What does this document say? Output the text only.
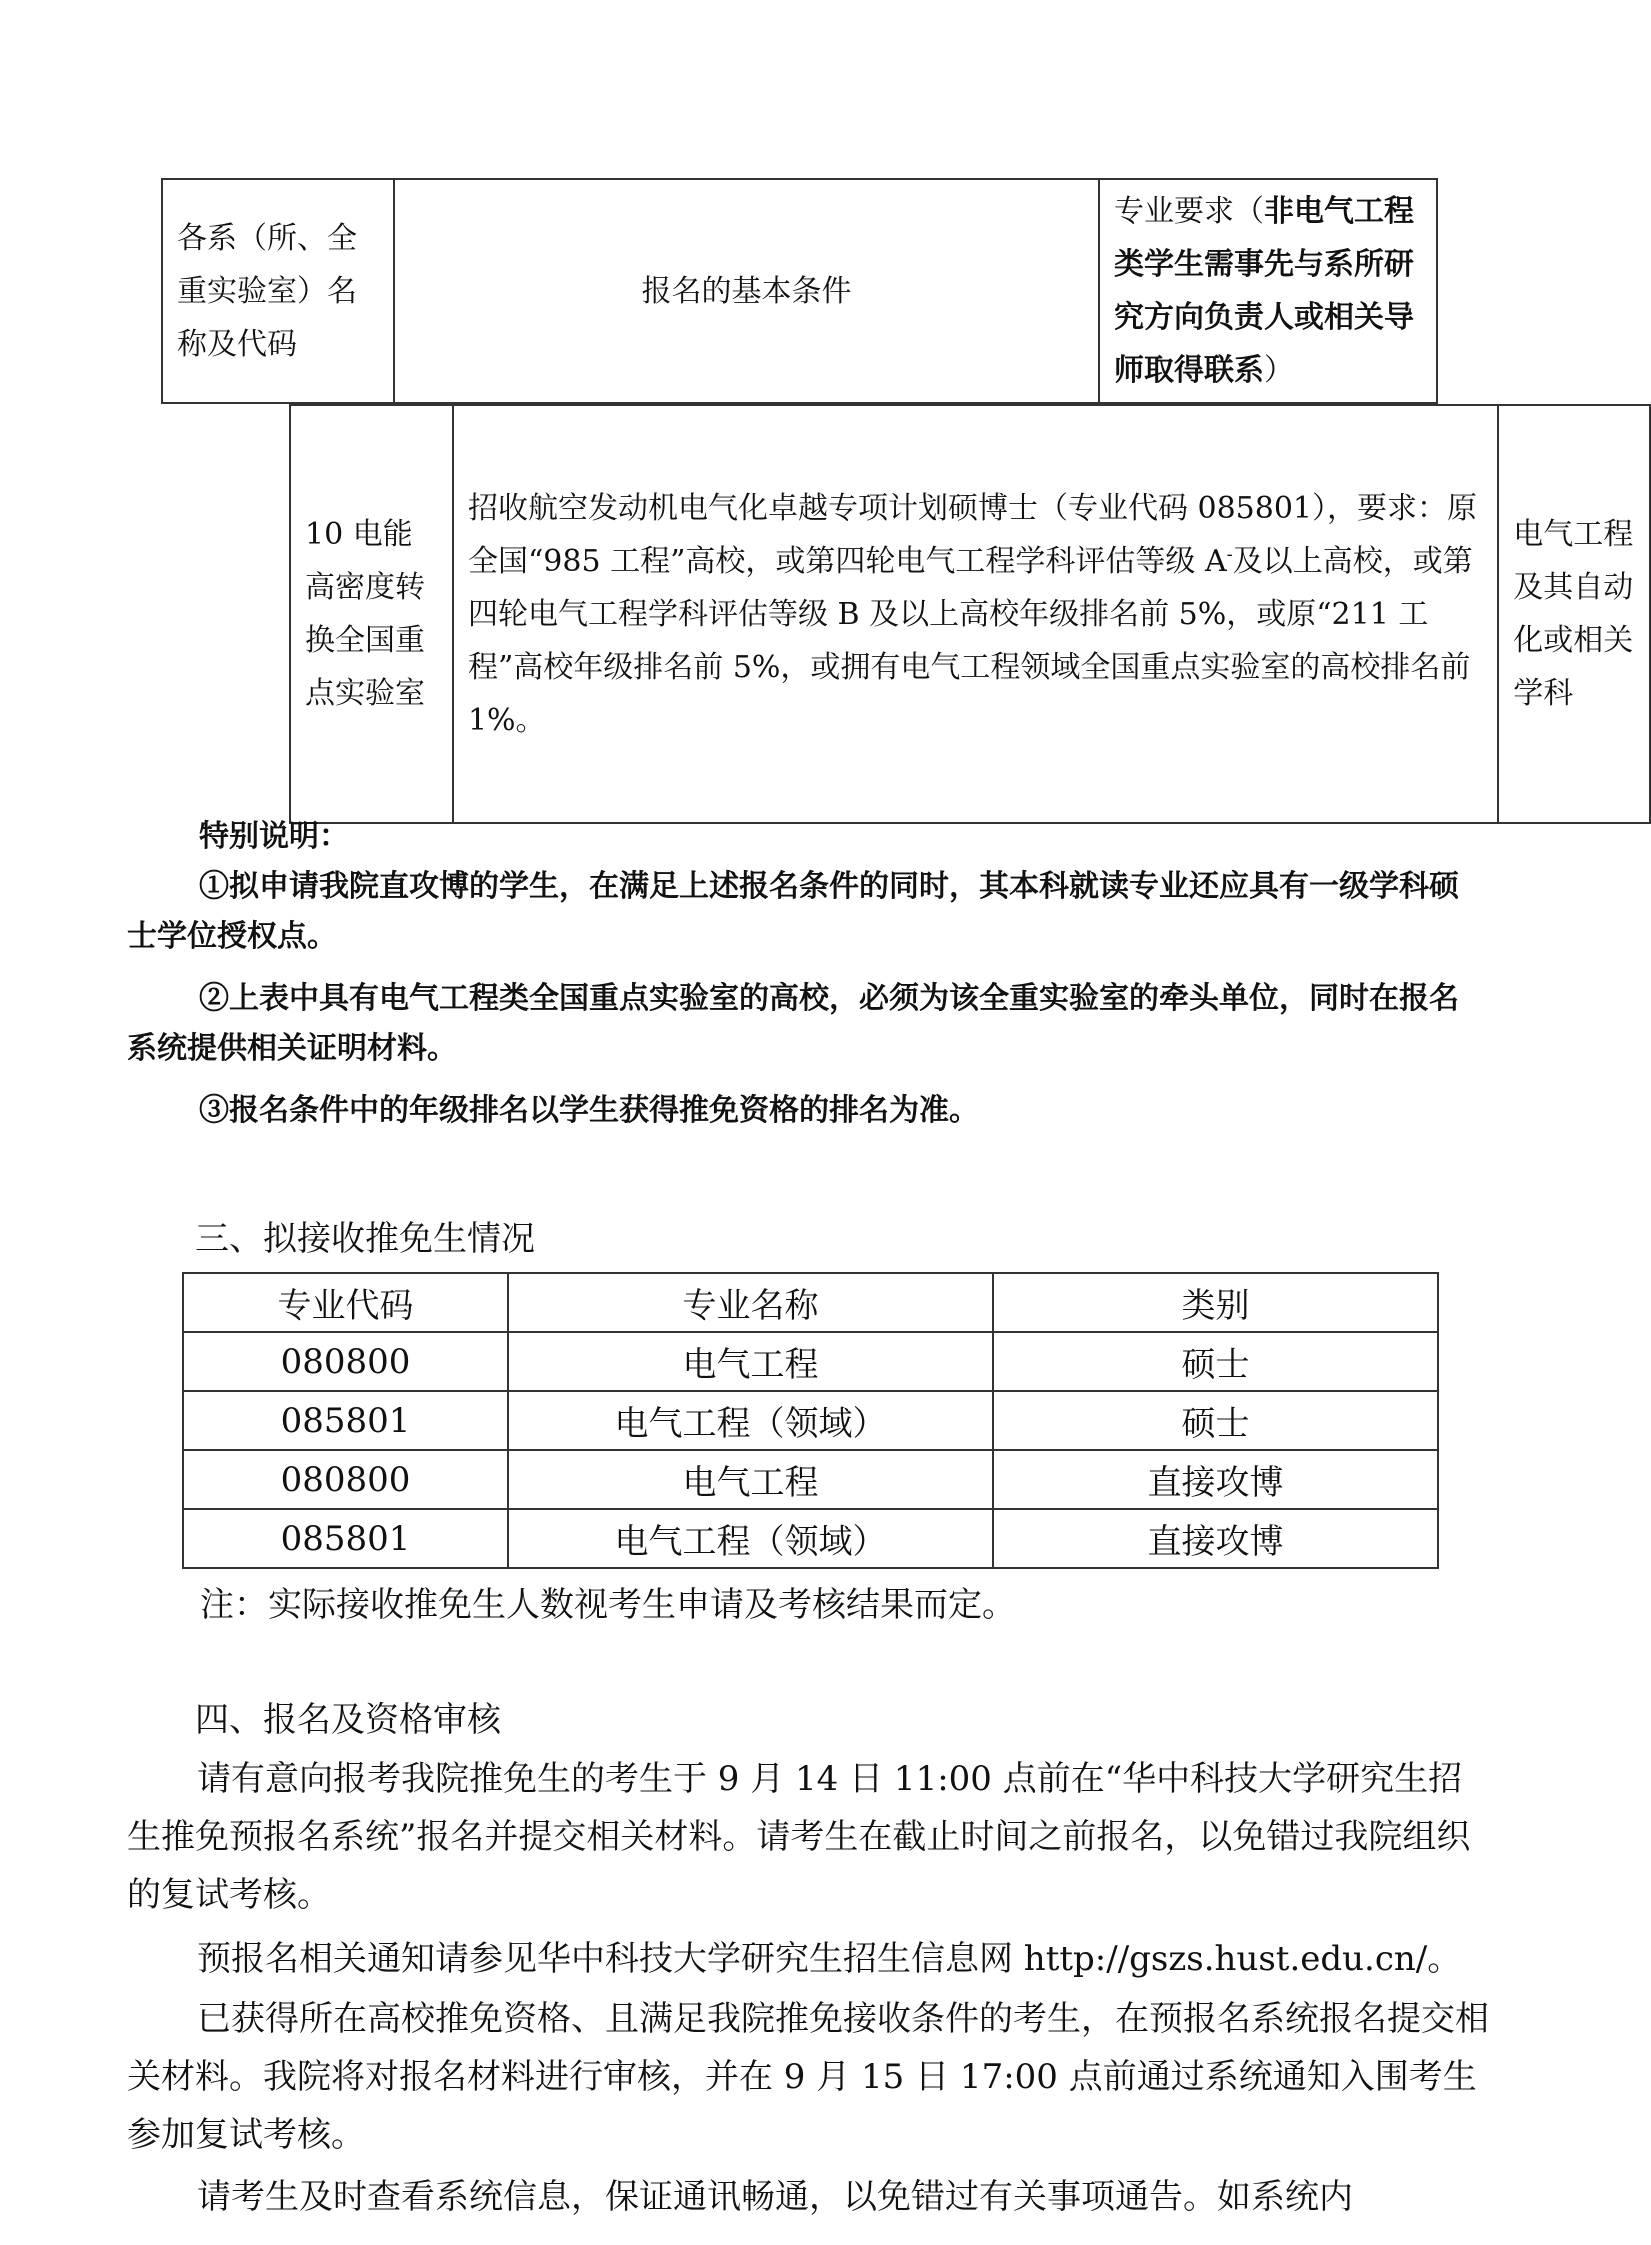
各系（所、全重实验室）名称及代码	报名的基本条件	专业要求（非电气工程类学生需事先与系所研究方向负责人或相关导师取得联系）

10 电能高密度转换全国重点实验室	招收航空发动机电气化卓越专项计划硕博士（专业代码 085801），要求：原全国“985 工程”高校，或第四轮电气工程学科评估等级 A-及以上高校，或第四轮电气工程学科评估等级 B 及以上高校年级排名前 5%，或原“211 工程”高校年级排名前 5%，或拥有电气工程领域全国重点实验室的高校排名前 1%。	电气工程及其自动化或相关学科

特别说明：

①拟申请我院直攻博的学生，在满足上述报名条件的同时，其本科就读专业还应具有一级学科硕士学位授权点。

②上表中具有电气工程类全国重点实验室的高校，必须为该全重实验室的牵头单位，同时在报名系统提供相关证明材料。

③报名条件中的年级排名以学生获得推免资格的排名为准。

三、拟接收推免生情况
专业代码	专业名称	类别
080800	电气工程	硕士
085801	电气工程（领域）	硕士
080800	电气工程	直接攻博
085801	电气工程（领域）	直接攻博
注：实际接收推免生人数视考生申请及考核结果而定。
四、报名及资格审核

请有意向报考我院推免生的考生于 9 月 14 日 11:00 点前在“华中科技大学研究生招生推免预报名系统”报名并提交相关材料。请考生在截止时间之前报名，以免错过我院组织的复试考核。

预报名相关通知请参见华中科技大学研究生招生信息网 http://gszs.hust.edu.cn/。

已获得所在高校推免资格、且满足我院推免接收条件的考生，在预报名系统报名提交相关材料。我院将对报名材料进行审核，并在 9 月 15 日 17:00 点前通过系统通知入围考生参加复试考核。

请考生及时查看系统信息，保证通讯畅通，以免错过有关事项通告。如系统内
